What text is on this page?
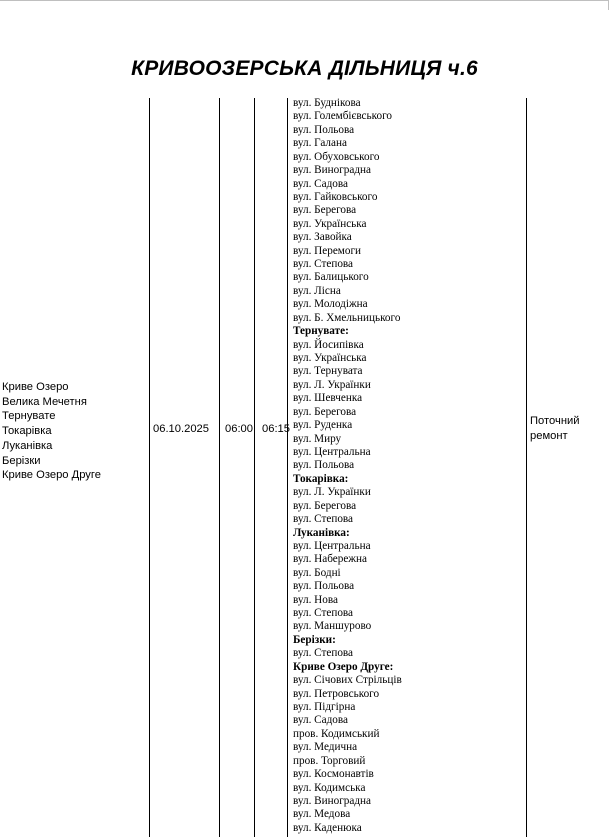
КРИВООЗЕРСЬКА ДІЛЬНИЦЯ ч.6
Криве Озеро
Велика Мечетня
Тернувате
Токарівка
Луканівка
Берізки
Криве Озеро Друге
06.10.2025 06:00 06:15
Поточний
ремонт
вул. Буднікова
вул. Голембієвського
вул. Польова
вул. Галана
вул. Обуховського
вул. Виноградна
вул. Садова
вул. Гайковського
вул. Берегова
вул. Українська
вул. Завойка
вул. Перемоги
вул. Степова
вул. Балицького
вул. Лісна
вул. Молодіжна
вул. Б. Хмельницького
Тернувате:
вул. Йосипівка
вул. Українська
вул. Тернувата
вул. Л. Українки
вул. Шевченка
вул. Берегова
вул. Руденка
вул. Миру
вул. Центральна
вул. Польова
Токарівка:
вул. Л. Українки
вул. Берегова
вул. Степова
Луканівка:
вул. Центральна
вул. Набережна
вул. Бодні
вул. Польова
вул. Нова
вул. Степова
вул. Маншурово
Берізки:
вул. Степова
Криве Озеро Друге:
вул. Січових Стрільців
вул. Петровського
вул. Підгірна
вул. Садова
пров. Кодимський
вул. Медична
пров. Торговий
вул. Космонавтів
вул. Кодимська
вул. Виноградна
вул. Медова
вул. Каденюка
